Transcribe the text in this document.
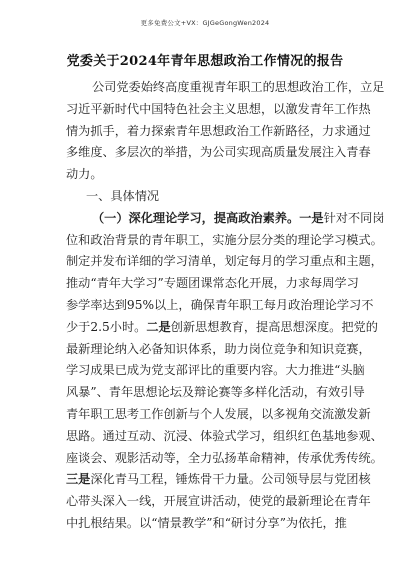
更多免费公文+VX：GJGeGongWen2024
党委关于2024年青年思想政治工作情况的报告
公司党委始终高度重视青年职工的思想政治工作，立足
习近平新时代中国特色社会主义思想，以激发青年工作热
情为抓手，着力探索青年思想政治工作新路径，力求通过
多维度、多层次的举措，为公司实现高质量发展注入青春
动力。
一、具体情况
（一）深化理论学习，提高政治素养。一是针对不同岗
位和政治背景的青年职工，实施分层分类的理论学习模式。
制定并发布详细的学习清单，划定每月的学习重点和主题，
推动“青年大学习”专题团课常态化开展，力求每周学习
参学率达到95%以上，确保青年职工每月政治理论学习不
少于2.5小时。二是创新思想教育，提高思想深度。把党的
最新理论纳入必备知识体系，助力岗位竞争和知识竞赛，
学习成果已成为党支部评比的重要内容。大力推进“头脑
风暴”、青年思想论坛及辩论赛等多样化活动，有效引导
青年职工思考工作创新与个人发展，以多视角交流激发新
思路。通过互动、沉浸、体验式学习，组织红色基地参观、
座谈会、观影活动等，全力弘扬革命精神，传承优秀传统。
三是深化青马工程，锤炼骨干力量。公司领导层与党团核
心带头深入一线，开展宣讲活动，使党的最新理论在青年
中扎根结果。以“情景教学”和“研讨分享”为依托，推
